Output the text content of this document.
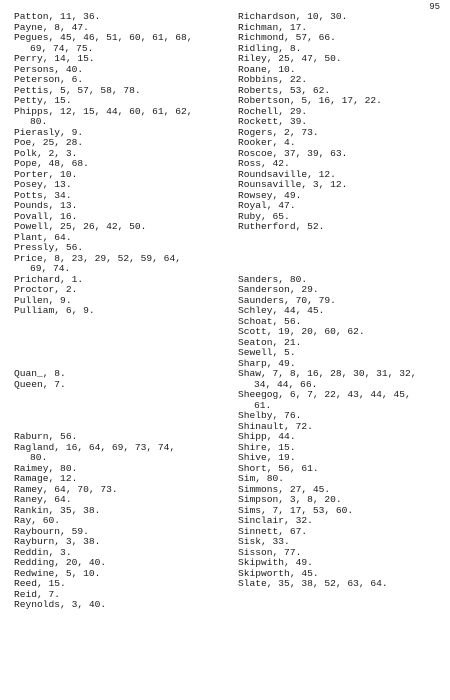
95
Patton, 11, 36.
Payne, 8, 47.
Pegues, 45, 46, 51, 60, 61, 68,
69, 74, 75.
Perry, 14, 15.
Persons, 40.
Peterson, 6.
Pettis, 5, 57, 58, 78.
Petty, 15.
Phipps, 12, 15, 44, 60, 61, 62,
80.
Pierasly, 9.
Poe, 25, 28.
Polk, 2, 3.
Pope, 48, 68.
Porter, 10.
Posey, 13.
Potts, 34.
Pounds, 13.
Povall, 16.
Powell, 25, 26, 42, 50.
Plant, 64.
Pressly, 56.
Price, 8, 23, 29, 52, 59, 64,
69, 74.
Prichard, 1.
Proctor, 2.
Pullen, 9.
Pulliam, 6, 9.
Quan_, 8.
Queen, 7.
Raburn, 56.
Ragland, 16, 64, 69, 73, 74,
80.
Raimey, 80.
Ramage, 12.
Ramey, 64, 70, 73.
Raney, 64.
Rankin, 35, 38.
Ray, 60.
Raybourn, 59.
Rayburn, 3, 38.
Reddin, 3.
Redding, 20, 40.
Redwine, 5, 10.
Reed, 15.
Reid, 7.
Reynolds, 3, 40.
Richardson, 10, 30.
Richman, 17.
Richmond, 57, 66.
Ridling, 8.
Riley, 25, 47, 50.
Roane, 10.
Robbins, 22.
Roberts, 53, 62.
Robertson, 5, 16, 17, 22.
Rochell, 29.
Rockett, 39.
Rogers, 2, 73.
Rooker, 4.
Roscoe, 37, 39, 63.
Ross, 42.
Roundsaville, 12.
Rounsaville, 3, 12.
Rowsey, 49.
Royal, 47.
Ruby, 65.
Rutherford, 52.
Sanders, 80.
Sanderson, 29.
Saunders, 70, 79.
Schley, 44, 45.
Schoat, 56.
Scott, 19, 20, 60, 62.
Seaton, 21.
Sewell, 5.
Sharp, 49.
Shaw, 7, 8, 16, 28, 30, 31, 32,
34, 44, 66.
Sheegog, 6, 7, 22, 43, 44, 45,
61.
Shelby, 76.
Shinault, 72.
Shipp, 44.
Shire, 15.
Shive, 19.
Short, 56, 61.
Sim, 80.
Simmons, 27, 45.
Simpson, 3, 8, 20.
Sims, 7, 17, 53, 60.
Sinclair, 32.
Sinnett, 67.
Sisk, 33.
Sisson, 77.
Skipwith, 49.
Skipworth, 45.
Slate, 35, 38, 52, 63, 64.
